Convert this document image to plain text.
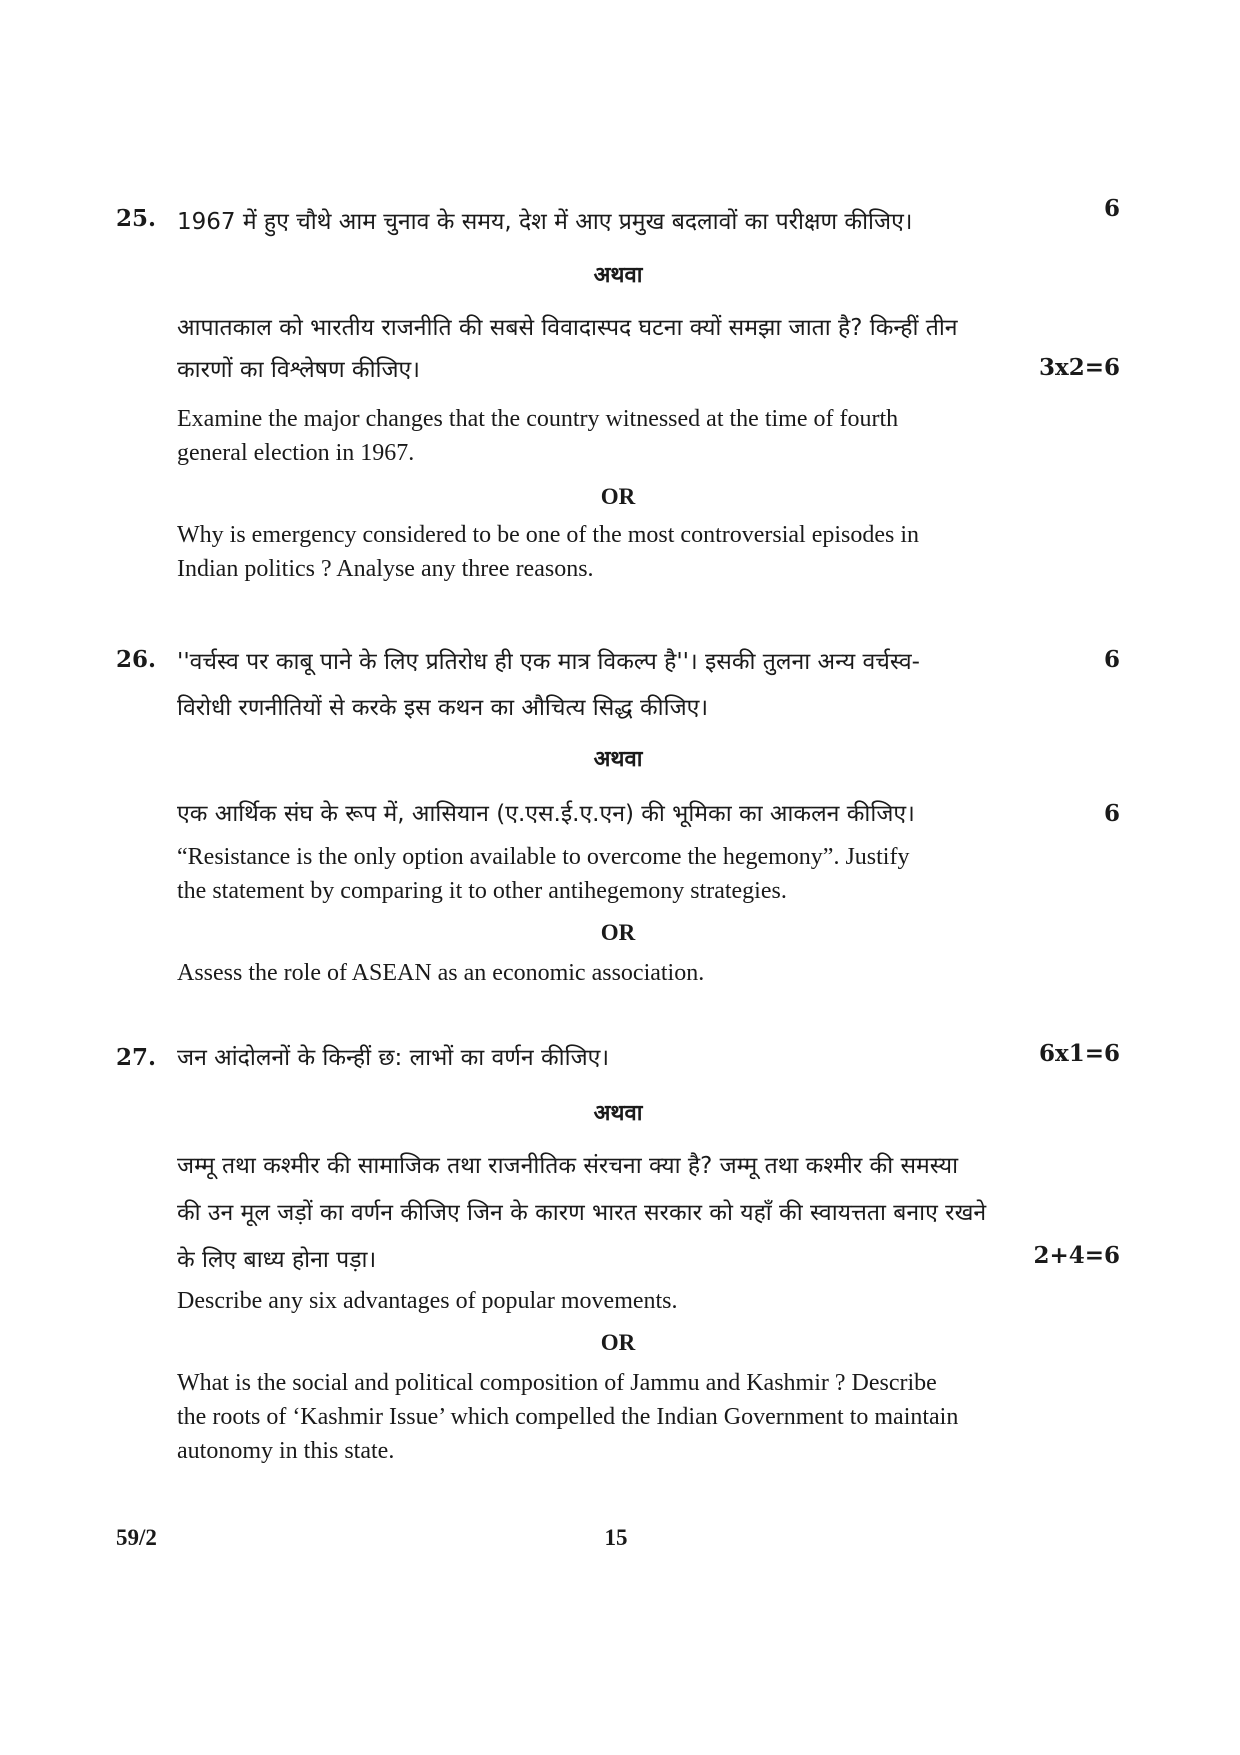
25. 1967 में हुए चौथे आम चुनाव के समय, देश में आए प्रमुख बदलावों का परीक्षण कीजिए।	6
अथवा
आपातकाल को भारतीय राजनीति की सबसे विवादास्पद घटना क्यों समझा जाता है? किन्हीं तीन
कारणों का विश्लेषण कीजिए।	3x2=6
Examine the major changes that the country witnessed at the time of fourth
general election in 1967.
OR
Why is emergency considered to be one of the most controversial episodes in
Indian politics ? Analyse any three reasons.
26. ''वर्चस्व पर काबू पाने के लिए प्रतिरोध ही एक मात्र विकल्प है''। इसकी तुलना अन्य वर्चस्व-	6
विरोधी रणनीतियों से करके इस कथन का औचित्य सिद्ध कीजिए।
अथवा
एक आर्थिक संघ के रूप में, आसियान (ए.एस.ई.ए.एन) की भूमिका का आकलन कीजिए।	6
“Resistance is the only option available to overcome the hegemony”. Justify
the statement by comparing it to other antihegemony strategies.
OR
Assess the role of ASEAN as an economic association.
27. जन आंदोलनों के किन्हीं छ: लाभों का वर्णन कीजिए।	6x1=6
अथवा
जम्मू तथा कश्मीर की सामाजिक तथा राजनीतिक संरचना क्या है? जम्मू तथा कश्मीर की समस्या
की उन मूल जड़ों का वर्णन कीजिए जिन के कारण भारत सरकार को यहाँ की स्वायत्तता बनाए रखने
के लिए बाध्य होना पड़ा।	2+4=6
Describe any six advantages of popular movements.
OR
What is the social and political composition of Jammu and Kashmir ? Describe
the roots of ‘Kashmir Issue’ which compelled the Indian Government to maintain
autonomy in this state.
59/2	15
